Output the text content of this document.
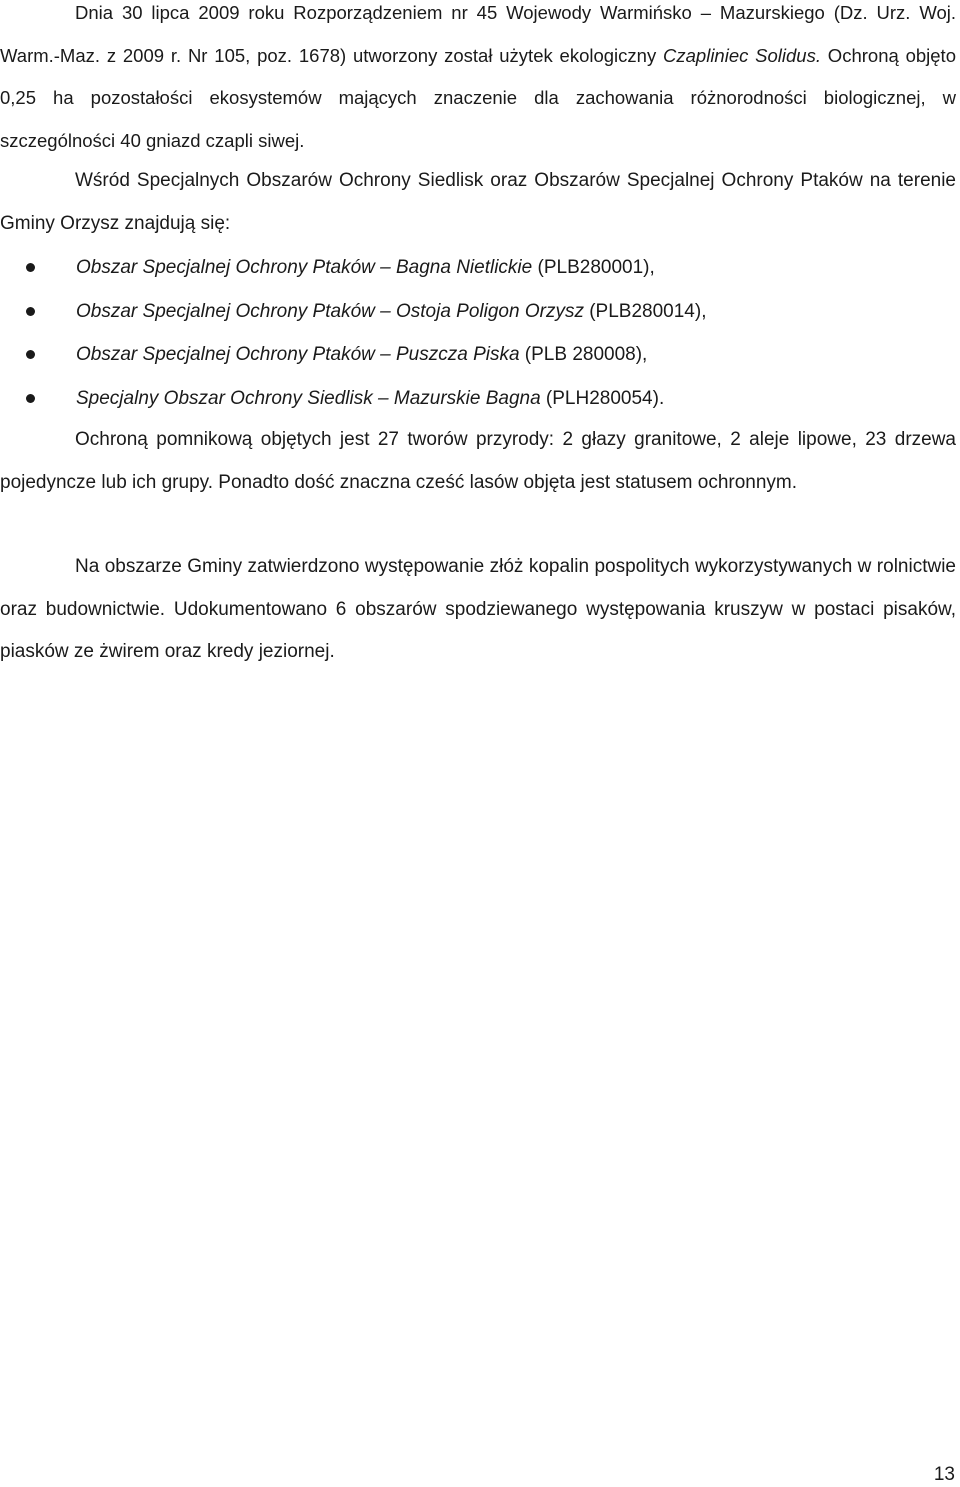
Dnia 30 lipca 2009 roku Rozporządzeniem nr 45 Wojewody Warmińsko – Mazurskiego (Dz. Urz. Woj. Warm.-Maz. z 2009 r. Nr 105, poz. 1678) utworzony został użytek ekologiczny Czapliniec Solidus. Ochroną objęto 0,25 ha pozostałości ekosystemów mających znaczenie dla zachowania różnorodności biologicznej, w szczególności 40 gniazd czapli siwej.

Wśród Specjalnych Obszarów Ochrony Siedlisk oraz Obszarów Specjalnej Ochrony Ptaków na terenie Gminy Orzysz znajdują się:

Obszar Specjalnej Ochrony Ptaków – Bagna Nietlickie (PLB280001),
Obszar Specjalnej Ochrony Ptaków – Ostoja Poligon Orzysz (PLB280014),
Obszar Specjalnej Ochrony Ptaków – Puszcza Piska (PLB 280008),
Specjalny Obszar Ochrony Siedlisk – Mazurskie Bagna (PLH280054).

Ochroną pomnikową objętych jest 27 tworów przyrody: 2 głazy granitowe, 2 aleje lipowe, 23 drzewa pojedyncze lub ich grupy. Ponadto dość znaczna cześć lasów objęta jest statusem ochronnym.

Na obszarze Gminy zatwierdzono występowanie złóż kopalin pospolitych wykorzystywanych w rolnictwie oraz budownictwie. Udokumentowano 6 obszarów spodziewanego występowania kruszyw w postaci pisaków, piasków ze żwirem oraz kredy jeziornej.

13
